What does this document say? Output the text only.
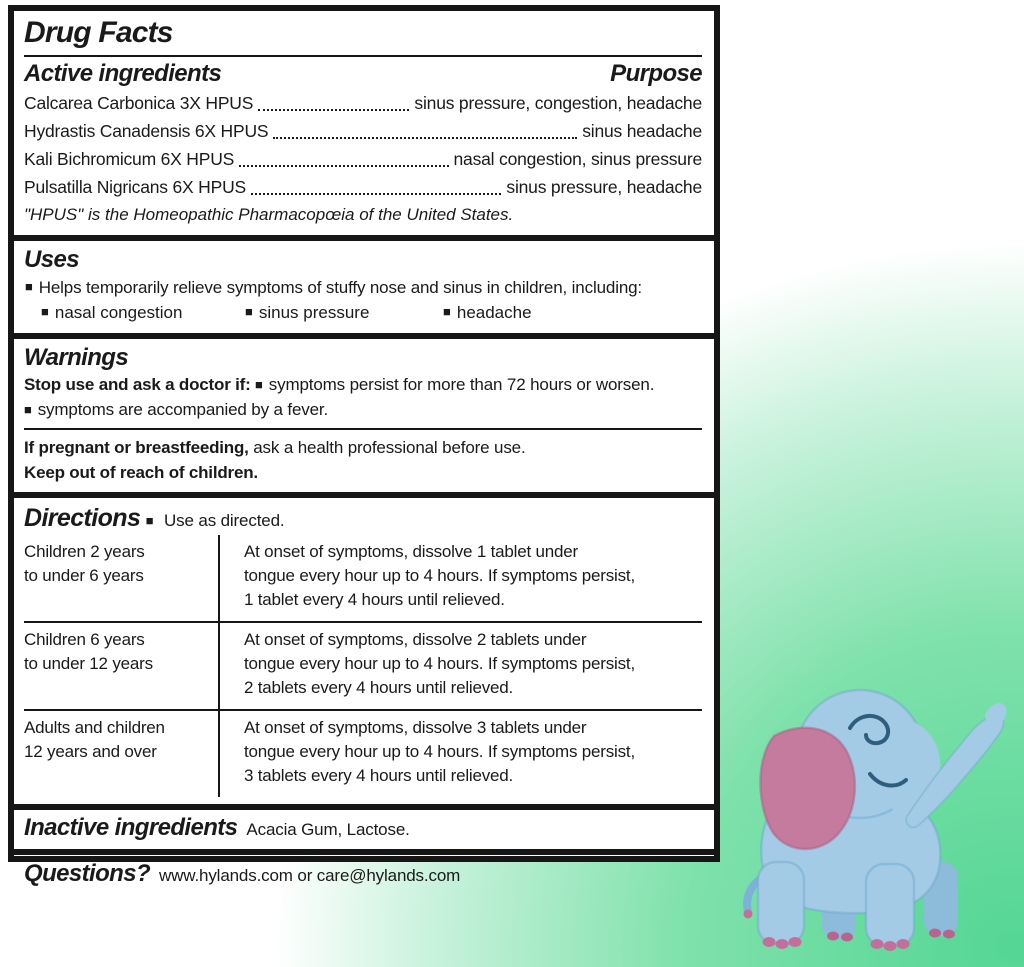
Drug Facts
Active ingredients	Purpose
Calcarea Carbonica 3X HPUS	sinus pressure, congestion, headache
Hydrastis Canadensis 6X HPUS	sinus headache
Kali Bichromicum 6X HPUS	nasal congestion, sinus pressure
Pulsatilla Nigricans 6X HPUS	sinus pressure, headache
"HPUS" is the Homeopathic Pharmacopœia of the United States.
Uses
■ Helps temporarily relieve symptoms of stuffy nose and sinus in children, including:
■ nasal congestion	■ sinus pressure	■ headache
Warnings

Stop use and ask a doctor if: ■ symptoms persist for more than 72 hours or worsen. ■ symptoms are accompanied by a fever.

If pregnant or breastfeeding, ask a health professional before use.

Keep out of reach of children.

Directions ■ Use as directed.
Children 2 years
to under 6 years
At onset of symptoms, dissolve 1 tablet under
tongue every hour up to 4 hours. If symptoms persist,
1 tablet every 4 hours until relieved.
Children 6 years
to under 12 years
At onset of symptoms, dissolve 2 tablets under
tongue every hour up to 4 hours. If symptoms persist,
2 tablets every 4 hours until relieved.
Adults and children
12 years and over
At onset of symptoms, dissolve 3 tablets under
tongue every hour up to 4 hours. If symptoms persist,
3 tablets every 4 hours until relieved.
Inactive ingredients Acacia Gum, Lactose.
Questions? www.hylands.com or care@hylands.com
